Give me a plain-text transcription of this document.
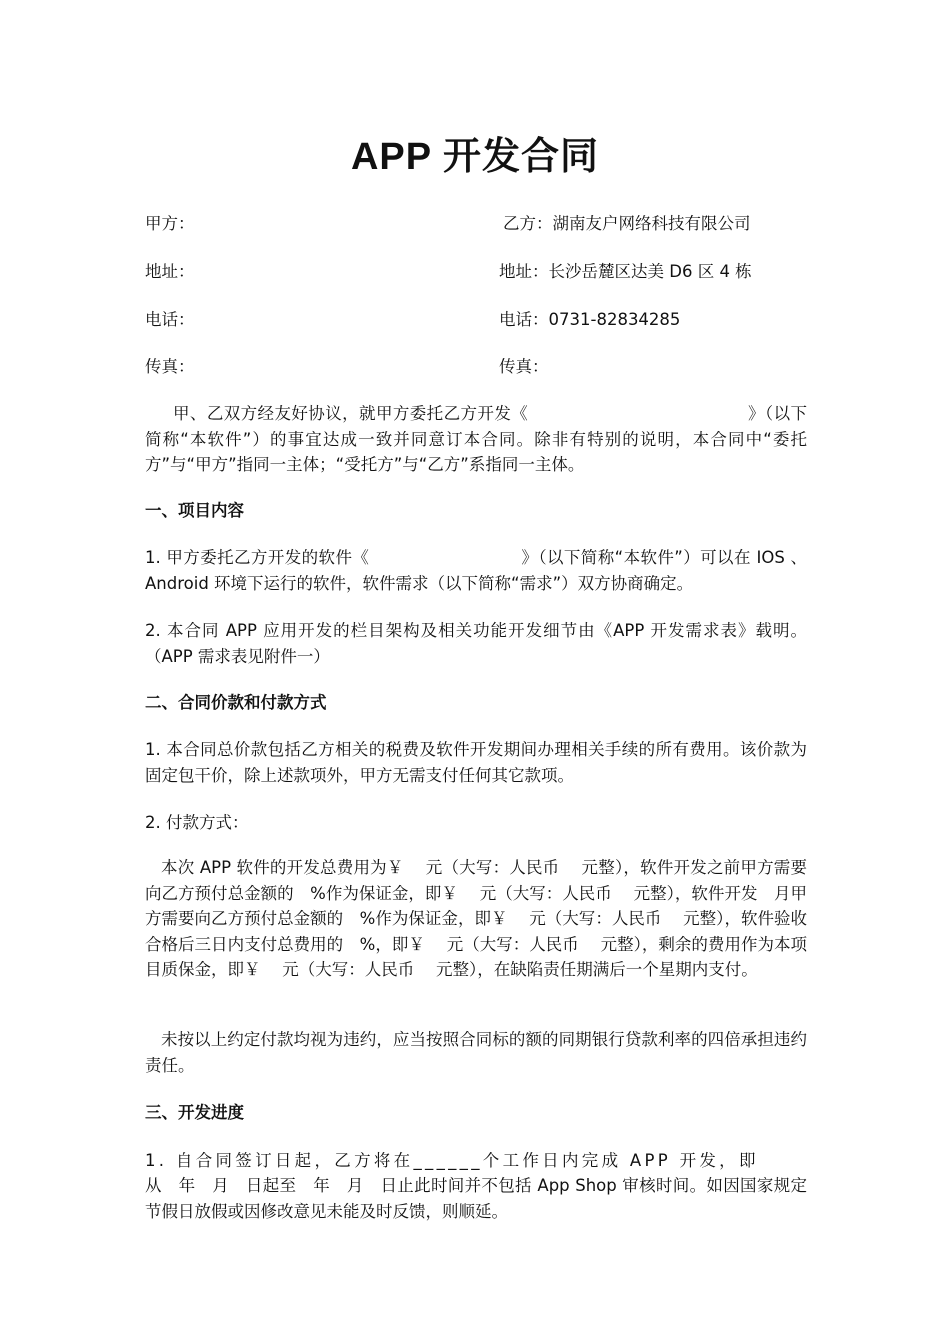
APP 开发合同
甲方：	乙方：湖南友户网络科技有限公司
地址：	地址：长沙岳麓区达美 D6 区 4 栋
电话：	电话：0731-82834285
传真：	传真：
甲、乙双方经友好协议，就甲方委托乙方开发《　　　　　　　　　　　　　》（以下简称“本软件”）的事宜达成一致并同意订本合同。除非有特别的说明，本合同中“委托方”与“甲方”指同一主体；“受托方”与“乙方”系指同一主体。
一、项目内容
1. 甲方委托乙方开发的软件《　　　　　　　　　》（以下简称“本软件”）可以在 IOS 、Android 环境下运行的软件，软件需求（以下简称“需求”）双方协商确定。
2. 本合同 APP 应用开发的栏目架构及相关功能开发细节由《APP 开发需求表》载明。（APP 需求表见附件一）
二、合同价款和付款方式
1. 本合同总价款包括乙方相关的税费及软件开发期间办理相关手续的所有费用。该价款为固定包干价，除上述款项外，甲方无需支付任何其它款项。
2. 付款方式：
本次 APP 软件的开发总费用为￥　 元（大写：人民币　 元整），软件开发之前甲方需要向乙方预付总金额的　%作为保证金，即￥　 元（大写：人民币　 元整），软件开发　月甲方需要向乙方预付总金额的　%作为保证金，即￥　 元（大写：人民币　 元整），软件验收合格后三日内支付总费用的　%，即￥　 元（大写：人民币　 元整），剩余的费用作为本项目质保金，即￥　 元（大写：人民币　 元整），在缺陷责任期满后一个星期内支付。
未按以上约定付款均视为违约，应当按照合同标的额的同期银行贷款利率的四倍承担违约责任。
三、开发进度
1. 自合同签订日起，乙方将在______个工作日内完成 APP 开发，即
从　年　月　日起至　年　月　日止此时间并不包括 App Shop 审核时间。如因国家规定节假日放假或因修改意见未能及时反馈，则顺延。
